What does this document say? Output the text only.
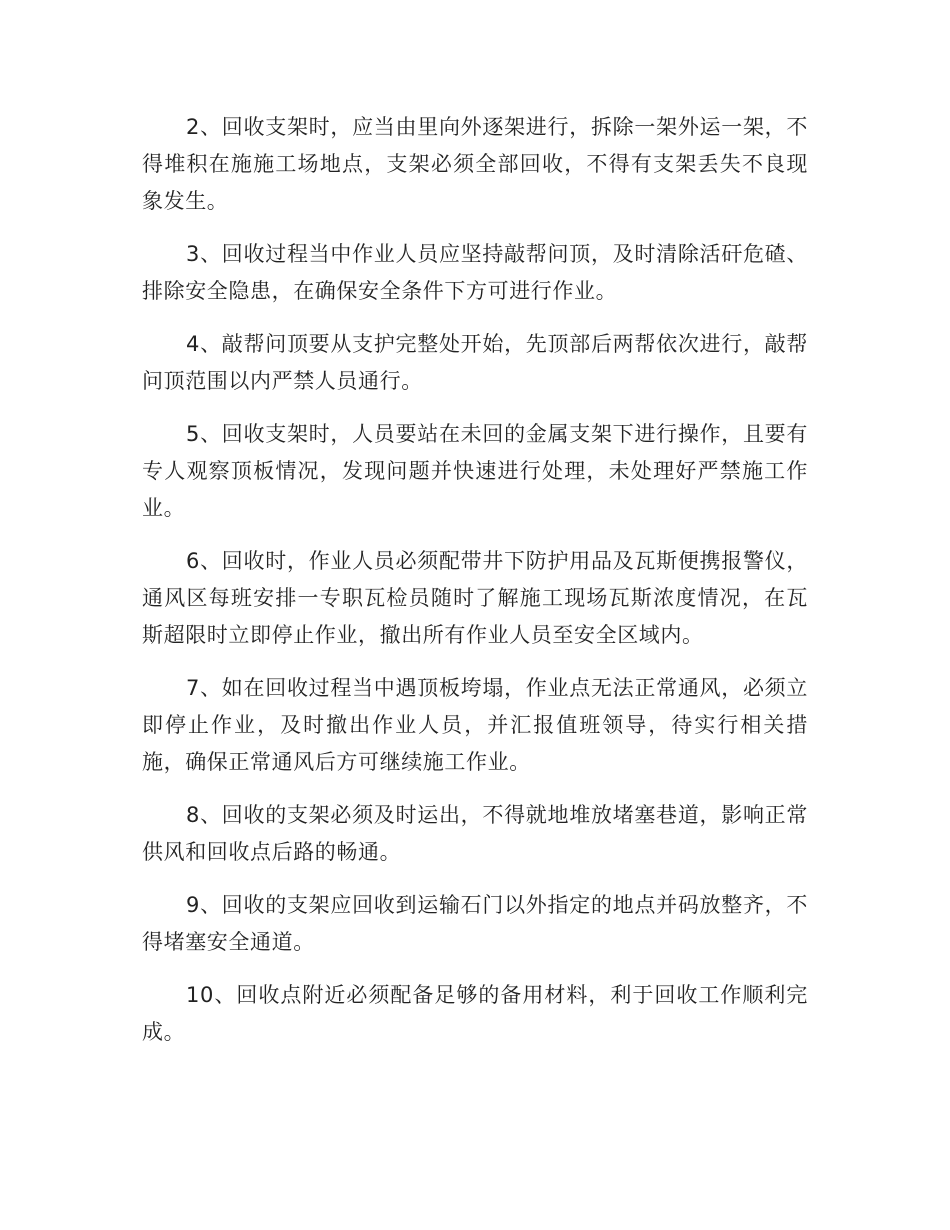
2、回收支架时，应当由里向外逐架进行，拆除一架外运一架，不得堆积在施施工场地点，支架必须全部回收，不得有支架丢失不良现象发生。

3、回收过程当中作业人员应坚持敲帮问顶，及时清除活矸危碴、排除安全隐患，在确保安全条件下方可进行作业。

4、敲帮问顶要从支护完整处开始，先顶部后两帮依次进行，敲帮问顶范围以内严禁人员通行。

5、回收支架时，人员要站在未回的金属支架下进行操作，且要有专人观察顶板情况，发现问题并快速进行处理，未处理好严禁施工作业。

6、回收时，作业人员必须配带井下防护用品及瓦斯便携报警仪，通风区每班安排一专职瓦检员随时了解施工现场瓦斯浓度情况，在瓦斯超限时立即停止作业，撤出所有作业人员至安全区域内。

7、如在回收过程当中遇顶板垮塌，作业点无法正常通风，必须立即停止作业，及时撤出作业人员，并汇报值班领导，待实行相关措施，确保正常通风后方可继续施工作业。

8、回收的支架必须及时运出，不得就地堆放堵塞巷道，影响正常供风和回收点后路的畅通。

9、回收的支架应回收到运输石门以外指定的地点并码放整齐，不得堵塞安全通道。

10、回收点附近必须配备足够的备用材料，利于回收工作顺利完成。
